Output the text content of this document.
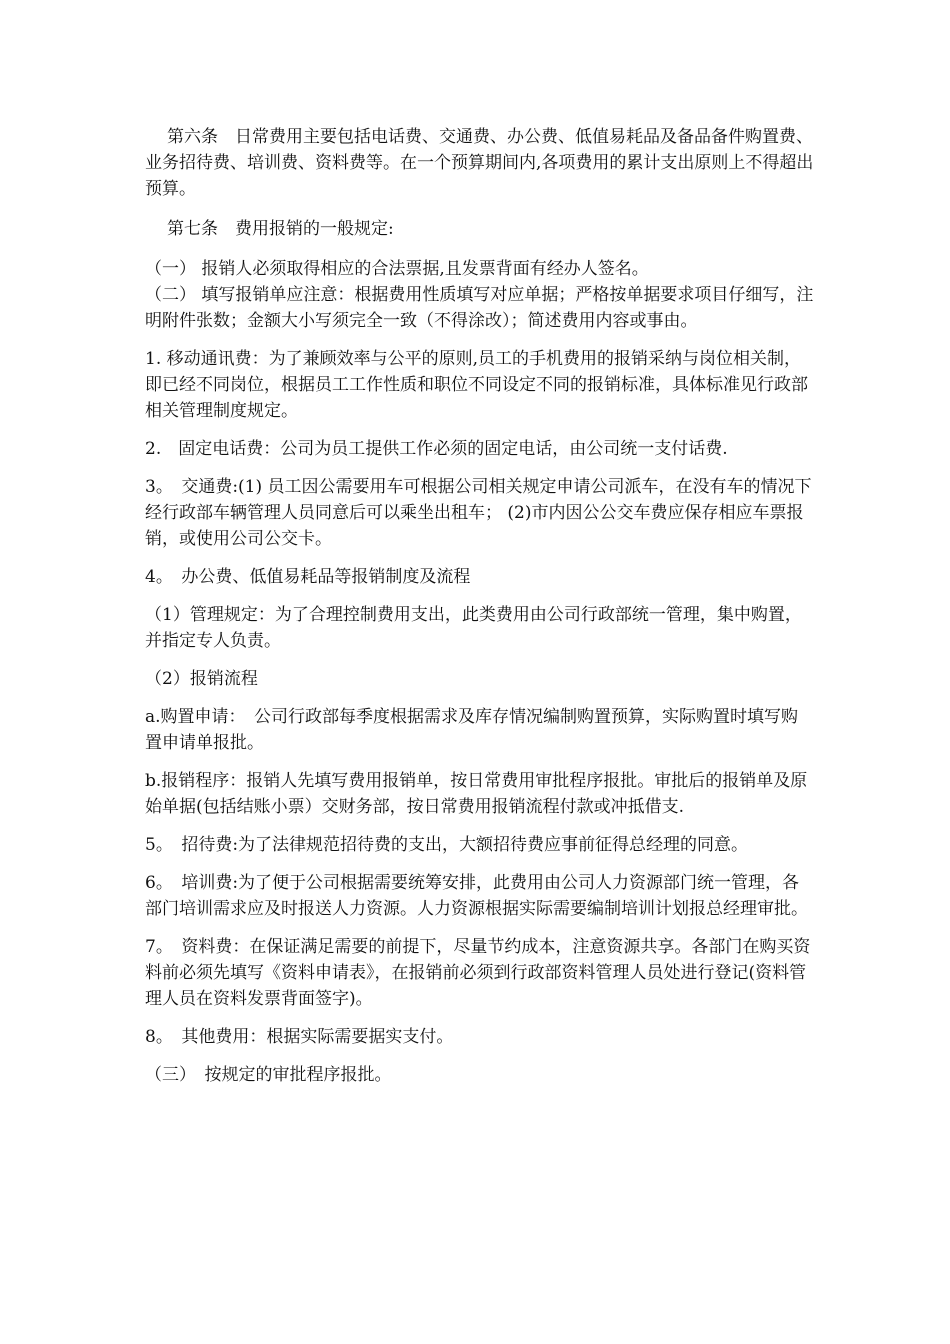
第六条　日常费用主要包括电话费、交通费、办公费、低值易耗品及备品备件购置费、业务招待费、培训费、资料费等。在一个预算期间内,各项费用的累计支出原则上不得超出预算。

第七条　费用报销的一般规定:

（一） 报销人必须取得相应的合法票据,且发票背面有经办人签名。

（二） 填写报销单应注意：根据费用性质填写对应单据；严格按单据要求项目仔细写，注明附件张数；金额大小写须完全一致（不得涂改）；简述费用内容或事由。

1. 移动通讯费：为了兼顾效率与公平的原则,员工的手机费用的报销采纳与岗位相关制，即已经不同岗位，根据员工工作性质和职位不同设定不同的报销标准，具体标准见行政部相关管理制度规定。

2.　固定电话费：公司为员工提供工作必须的固定电话，由公司统一支付话费.

3。　交通费:(1) 员工因公需要用车可根据公司相关规定申请公司派车，在没有车的情况下经行政部车辆管理人员同意后可以乘坐出租车； (2)市内因公公交车费应保存相应车票报销，或使用公司公交卡。

4。　办公费、低值易耗品等报销制度及流程

（1）管理规定：为了合理控制费用支出，此类费用由公司行政部统一管理，集中购置，并指定专人负责。

（2）报销流程

a.购置申请：　公司行政部每季度根据需求及库存情况编制购置预算，实际购置时填写购置申请单报批。

b.报销程序：报销人先填写费用报销单，按日常费用审批程序报批。审批后的报销单及原始单据(包括结账小票）交财务部，按日常费用报销流程付款或冲抵借支.

5。　招待费:为了法律规范招待费的支出，大额招待费应事前征得总经理的同意。

6。　培训费:为了便于公司根据需要统筹安排，此费用由公司人力资源部门统一管理，各部门培训需求应及时报送人力资源。人力资源根据实际需要编制培训计划报总经理审批。

7。　资料费：在保证满足需要的前提下，尽量节约成本，注意资源共享。各部门在购买资料前必须先填写《资料申请表》，在报销前必须到行政部资料管理人员处进行登记(资料管理人员在资料发票背面签字)。

8。　其他费用：根据实际需要据实支付。

（三）　按规定的审批程序报批。
